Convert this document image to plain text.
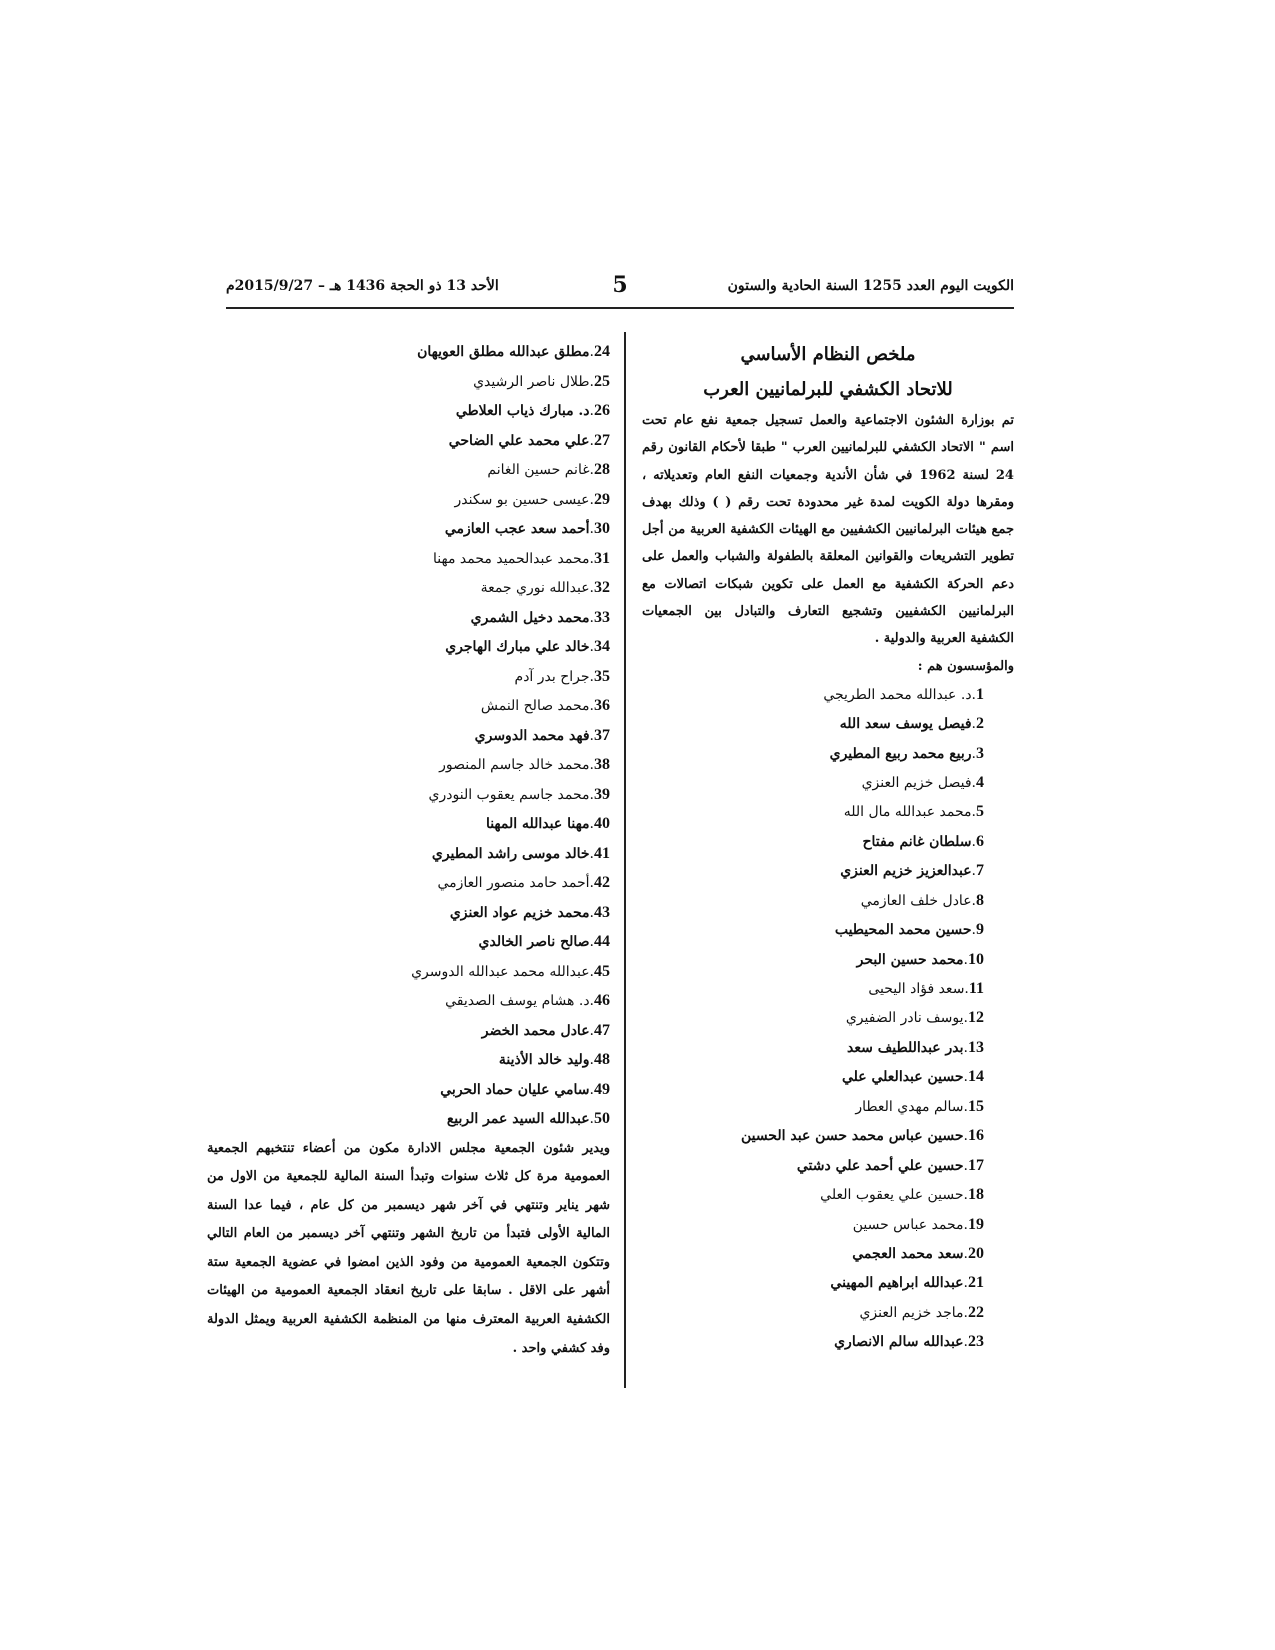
الكويت اليوم العدد 1255 السنة الحادية والستون
5
الأحد 13 ذو الحجة 1436 هـ – 2015/9/27م
ملخص النظام الأساسي
للاتحاد الكشفي للبرلمانيين العرب
تم بوزارة الشئون الاجتماعية والعمل تسجيل جمعية نفع عام تحت اسم " الاتحاد الكشفي للبرلمانيين العرب " طبقا لأحكام القانون رقم 24 لسنة 1962 في شأن الأندية وجمعيات النفع العام وتعديلاته ، ومقرها دولة الكويت لمدة غير محدودة تحت رقم ( ) وذلك بهدف جمع هيئات البرلمانيين الكشفيين مع الهيئات الكشفية العربية من أجل تطوير التشريعات والقوانين المعلقة بالطفولة والشباب والعمل على دعم الحركة الكشفية مع العمل على تكوين شبكات اتصالات مع البرلمانيين الكشفيين وتشجيع التعارف والتبادل بين الجمعيات الكشفية العربية والدولية .
والمؤسسون هم :
1.د. عبدالله محمد الطريجي
2.فيصل يوسف سعد الله
3.ربيع محمد ربيع المطيري
4.فيصل خزيم العنزي
5.محمد عبدالله مال الله
6.سلطان غانم مفتاح
7.عبدالعزيز خزيم العنزي
8.عادل خلف العازمي
9.حسين محمد المحيطيب
10.محمد حسين البحر
11.سعد فؤاد اليحيى
12.يوسف نادر الضفيري
13.بدر عبداللطيف سعد
14.حسين عبدالعلي علي
15.سالم مهدي العطار
16.حسين عباس محمد حسن عبد الحسين
17.حسين علي أحمد علي دشتي
18.حسين علي يعقوب العلي
19.محمد عباس حسين
20.سعد محمد العجمي
21.عبدالله ابراهيم المهيني
22.ماجد خزيم العنزي
23.عبدالله سالم الانصاري
24.مطلق عبدالله مطلق العويهان
25.طلال ناصر الرشيدي
26.د. مبارك ذياب العلاطي
27.علي محمد علي الضاحي
28.غانم حسين الغانم
29.عيسى حسين بو سكندر
30.أحمد سعد عجب العازمي
31.محمد عبدالحميد محمد مهنا
32.عبدالله نوري جمعة
33.محمد دخيل الشمري
34.خالد علي مبارك الهاجري
35.جراح بدر آدم
36.محمد صالح النمش
37.فهد محمد الدوسري
38.محمد خالد جاسم المنصور
39.محمد جاسم يعقوب النودري
40.مهنا عبدالله المهنا
41.خالد موسى راشد المطيري
42.أحمد حامد منصور العازمي
43.محمد خزيم عواد العنزي
44.صالح ناصر الخالدي
45.عبدالله محمد عبدالله الدوسري
46.د. هشام يوسف الصديقي
47.عادل محمد الخضر
48.وليد خالد الأذينة
49.سامي عليان حماد الحربي
50.عبدالله السيد عمر الربيع
ويدير شئون الجمعية مجلس الادارة مكون من أعضاء تنتخبهم الجمعية العمومية مرة كل ثلاث سنوات وتبدأ السنة المالية للجمعية من الاول من شهر يناير وتنتهي في آخر شهر ديسمبر من كل عام ، فيما عدا السنة المالية الأولى فتبدأ من تاريخ الشهر وتنتهي آخر ديسمبر من العام التالي وتتكون الجمعية العمومية من وفود الذين امضوا في عضوية الجمعية ستة أشهر على الاقل . سابقا على تاريخ انعقاد الجمعية العمومية من الهيئات الكشفية العربية المعترف منها من المنظمة الكشفية العربية ويمثل الدولة وفد كشفي واحد .
